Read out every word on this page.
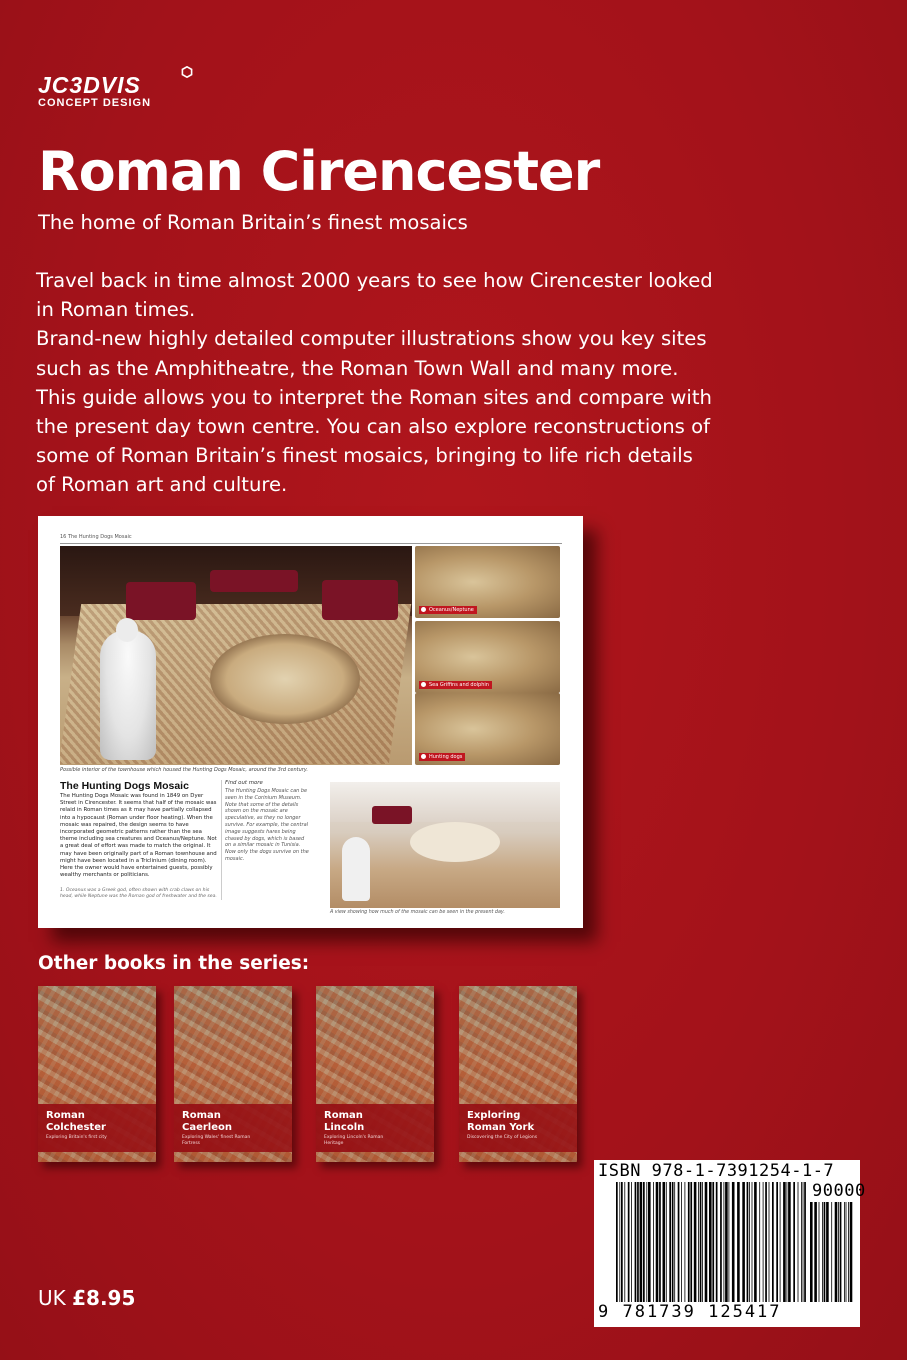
JC3DVIS
CONCEPT DESIGN
Roman Cirencester
The home of Roman Britain’s finest mosaics

Travel back in time almost 2000 years to see how Cirencester looked in Roman times.

Brand-new highly detailed computer illustrations show you key sites such as the Amphitheatre, the Roman Town Wall and many more.

This guide allows you to interpret the Roman sites and compare with the present day town centre. You can also explore reconstructions of some of Roman Britain’s finest mosaics, bringing to life rich details of Roman art and culture.

16 The Hunting Dogs Mosaic
Oceanus/Neptune
Sea Griffins and dolphin
Hunting dogs
Possible interior of the townhouse which housed the Hunting Dogs Mosaic, around the 3rd century.
The Hunting Dogs Mosaic
The Hunting Dogs Mosaic was found in 1849 on Dyer Street in Cirencester. It seems that half of the mosaic was relaid in Roman times as it may have partially collapsed into a hypocaust (Roman under floor heating). When the mosaic was repaired, the design seems to have incorporated geometric patterns rather than the sea theme including sea creatures and Oceanus/Neptune. Not a great deal of effort was made to match the original. It may have been originally part of a Roman townhouse and might have been located in a Triclinium (dining room). Here the owner would have entertained guests, possibly wealthy merchants or politicians.
1. Oceanus was a Greek god, often shown with crab claws on his head, while Neptune was the Roman god of freshwater and the sea.
Find out more
The Hunting Dogs Mosaic can be seen in the Corinium Museum. Note that some of the details shown on the mosaic are speculative, as they no longer survive. For example, the central image suggests hares being chased by dogs, which is based on a similar mosaic in Tunisia. Now only the dogs survive on the mosaic.
A view showing how much of the mosaic can be seen in the present day.
Other books in the series:
Roman
Colchester
Exploring Britain's first city
Roman
Caerleon
Exploring Wales' finest Roman Fortress
Roman
Lincoln
Exploring Lincoln's Roman Heritage
Exploring
Roman York
Discovering the City of Legions
ISBN 978-1-7391254-1-7
90000
9 781739 125417
UK £8.95
